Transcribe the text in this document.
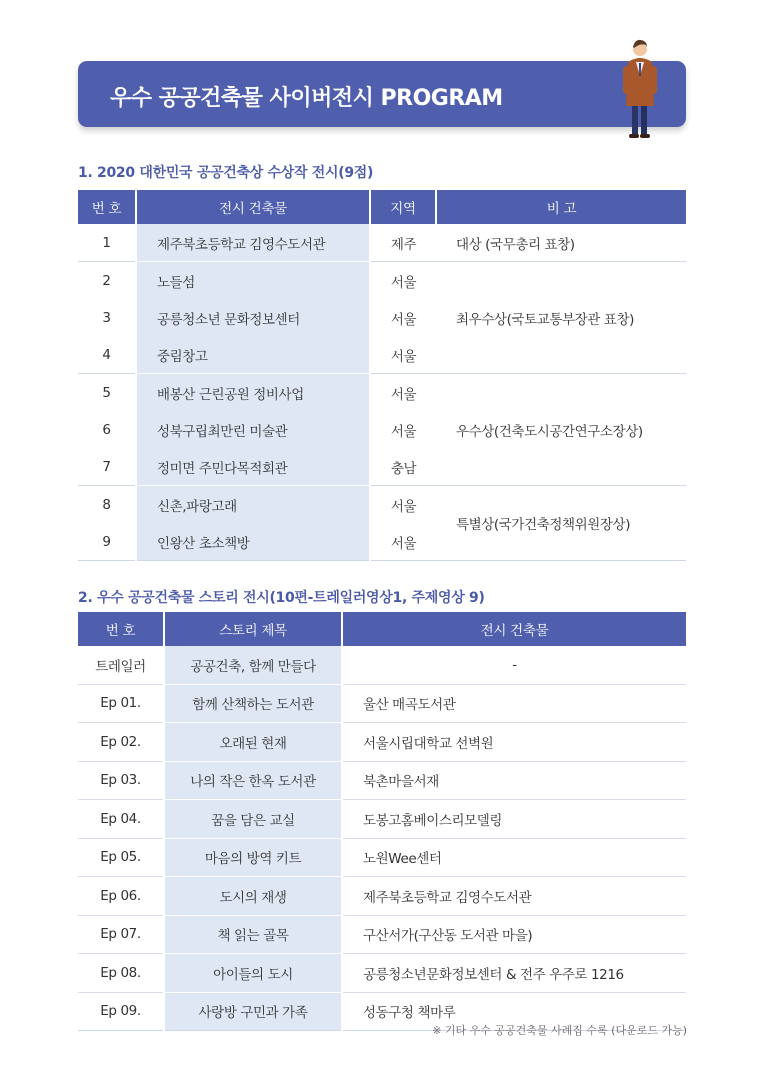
우수 공공건축물 사이버전시 PROGRAM
1. 2020 대한민국 공공건축상 수상작 전시(9점)
번 호	전시 건축물	지역	비 고
1	제주북초등학교 김영수도서관	제주	대상 (국무총리 표창)
2	노들섬	서울	최우수상(국토교통부장관 표창)
3	공릉청소년 문화정보센터	서울	
4	중림창고	서울	
5	배봉산 근린공원 정비사업	서울	우수상(건축도시공간연구소장상)
6	성북구립최만린 미술관	서울	
7	정미면 주민다목적회관	충남	
8	신촌,파랑고래	서울	특별상(국가건축정책위원장상)
9	인왕산 초소책방	서울	
2. 우수 공공건축물 스토리 전시(10편-트레일러영상1, 주제영상 9)
번 호	스토리 제목	전시 건축물
트레일러	공공건축, 함께 만들다	-
Ep 01.	함께 산책하는 도서관	울산 매곡도서관
Ep 02.	오래된 현재	서울시립대학교 선벽원
Ep 03.	나의 작은 한옥 도서관	북촌마을서재
Ep 04.	꿈을 담은 교실	도봉고홈베이스리모델링
Ep 05.	마음의 방역 키트	노원Wee센터
Ep 06.	도시의 재생	제주북초등학교 김영수도서관
Ep 07.	책 읽는 골목	구산서가(구산동 도서관 마을)
Ep 08.	아이들의 도시	공릉청소년문화정보센터 & 전주 우주로 1216
Ep 09.	사랑방 구민과 가족	성동구청 책마루
※ 기타 우수 공공건축물 사례집 수록 (다운로드 가능)
